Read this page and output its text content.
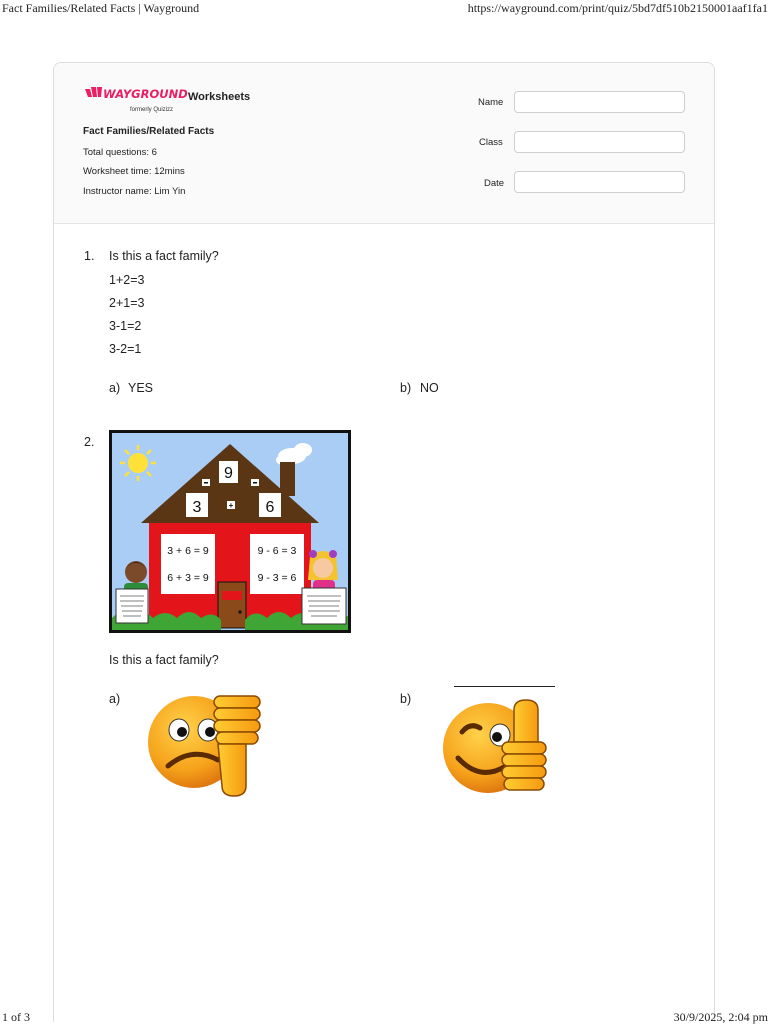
Fact Families/Related Facts | Wayground	https://wayground.com/print/quiz/5bd7df510b2150001aaf1fa1
WAYGROUND
formerly Quizizz
Worksheets
Fact Families/Related Facts
Total questions: 6
Worksheet time: 12mins
Instructor name: Lim Yin
Name
Class
Date
1. Is this a fact family?
1+2=3
2+1=3
3-1=2
3-2=1
a) YES	b) NO
2.
9
3	6
+
3 + 6 = 9
6 + 3 = 9
9 - 6 = 3
9 - 3 = 6
Is this a fact family?
a)	b)
1 of 3	30/9/2025, 2:04 pm
